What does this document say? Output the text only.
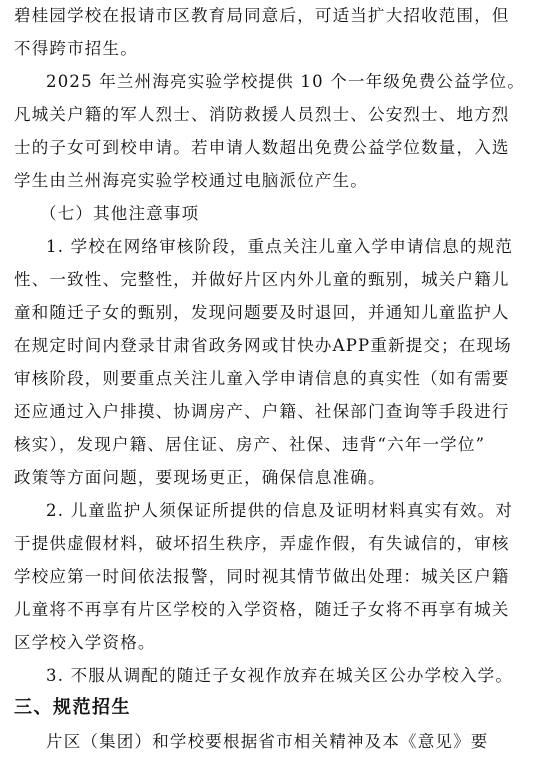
碧桂园学校在报请市区教育局同意后，可适当扩大招收范围，但

不得跨市招生。

2025 年兰州海亮实验学校提供 10 个一年级免费公益学位。

凡城关户籍的军人烈士、消防救援人员烈士、公安烈士、地方烈

士的子女可到校申请。若申请人数超出免费公益学位数量，入选

学生由兰州海亮实验学校通过电脑派位产生。

（七）其他注意事项

1. 学校在网络审核阶段，重点关注儿童入学申请信息的规范

性、一致性、完整性，并做好片区内外儿童的甄别，城关户籍儿

童和随迁子女的甄别，发现问题要及时退回，并通知儿童监护人

在规定时间内登录甘肃省政务网或甘快办APP重新提交；在现场

审核阶段，则要重点关注儿童入学申请信息的真实性（如有需要

还应通过入户排摸、协调房产、户籍、社保部门查询等手段进行

核实），发现户籍、居住证、房产、社保、违背“六年一学位”

政策等方面问题，要现场更正，确保信息准确。

2. 儿童监护人须保证所提供的信息及证明材料真实有效。对

于提供虚假材料，破坏招生秩序，弄虚作假，有失诚信的，审核

学校应第一时间依法报警，同时视其情节做出处理：城关区户籍

儿童将不再享有片区学校的入学资格，随迁子女将不再享有城关

区学校入学资格。

3. 不服从调配的随迁子女视作放弃在城关区公办学校入学。

三、规范招生

片区（集团）和学校要根据省市相关精神及本《意见》要
